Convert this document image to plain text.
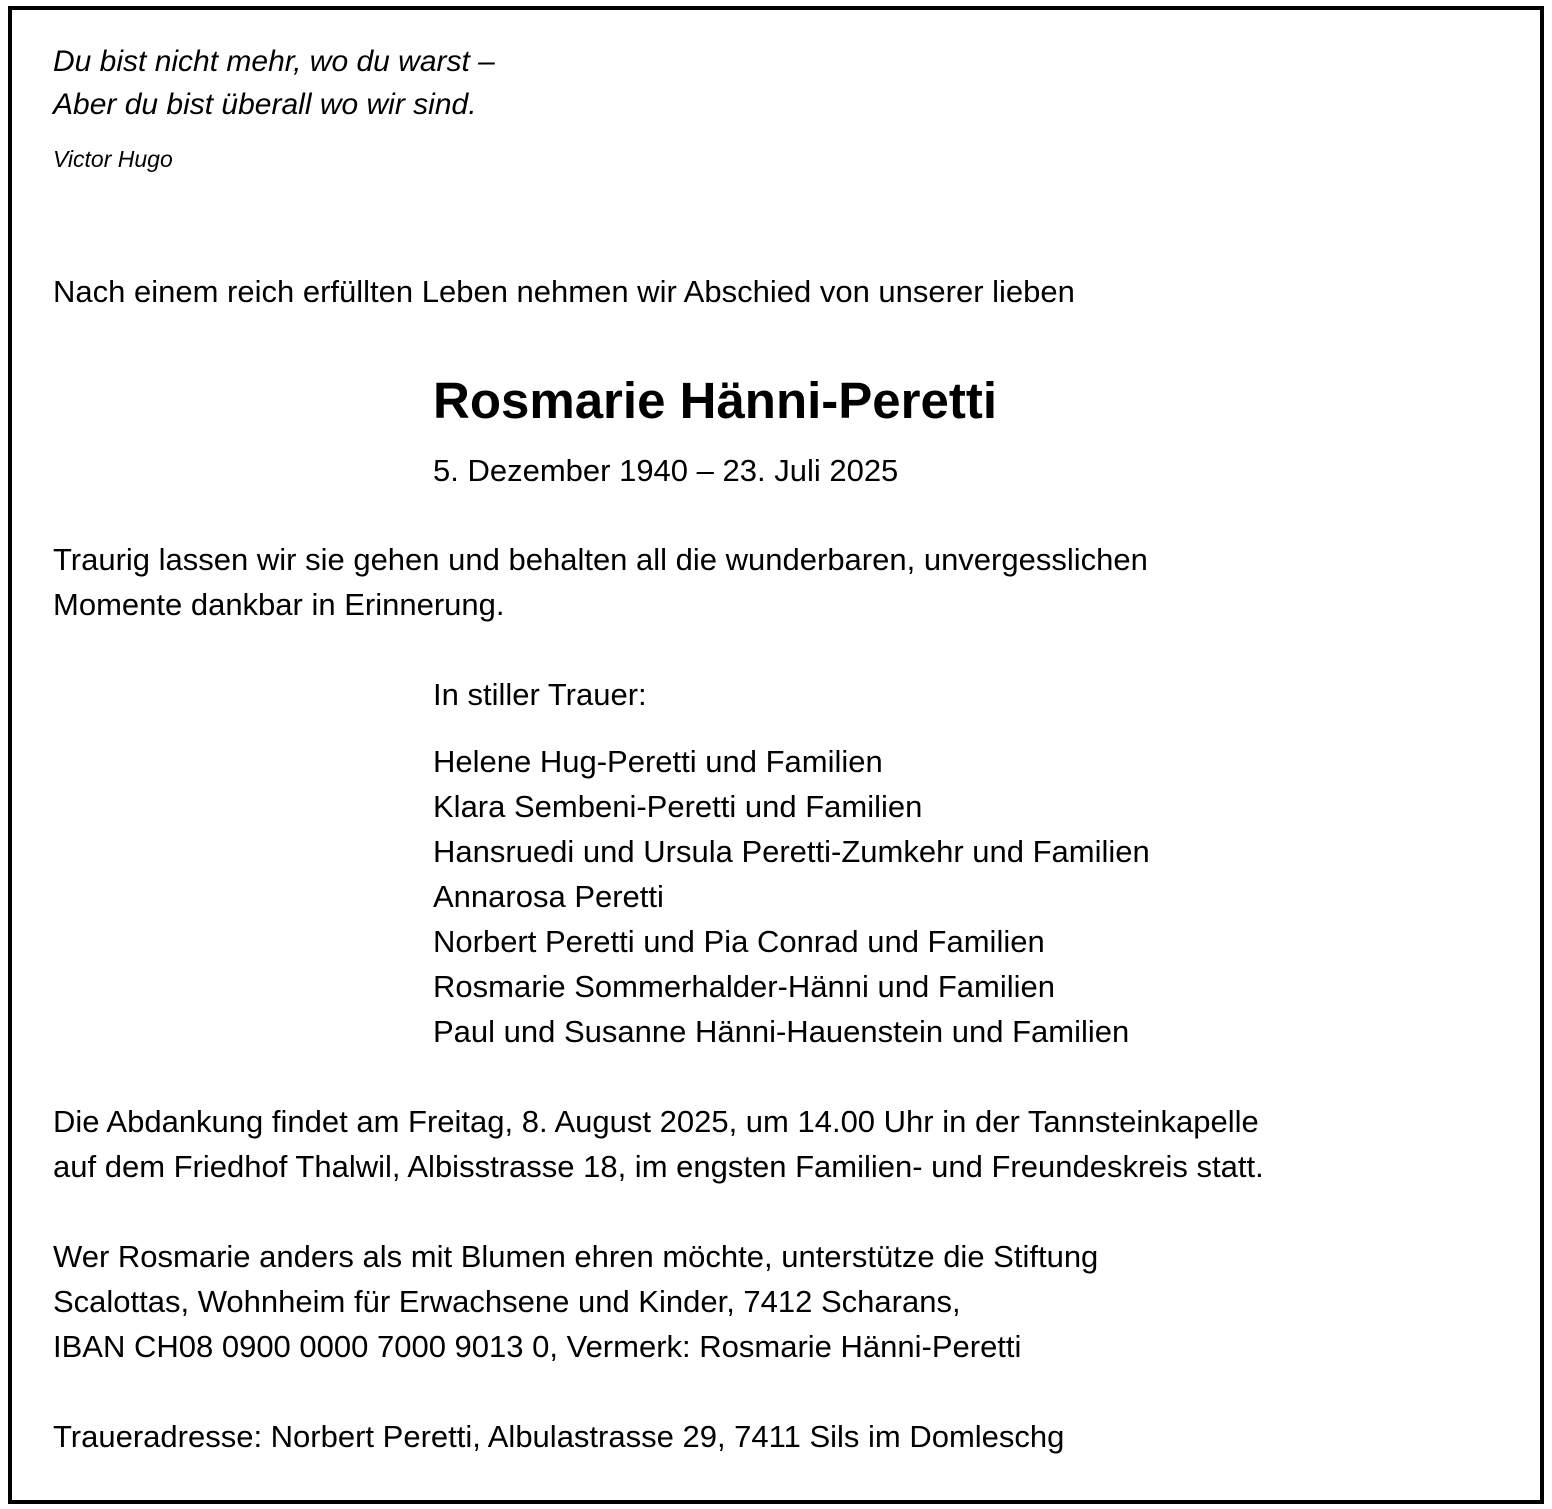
Du bist nicht mehr, wo du warst –
Aber du bist überall wo wir sind.
Victor Hugo
Nach einem reich erfüllten Leben nehmen wir Abschied von unserer lieben
Rosmarie Hänni-Peretti
5. Dezember 1940 – 23. Juli 2025
Traurig lassen wir sie gehen und behalten all die wunderbaren, unvergesslichen
Momente dankbar in Erinnerung.
In stiller Trauer:
Helene Hug-Peretti und Familien
Klara Sembeni-Peretti und Familien
Hansruedi und Ursula Peretti-Zumkehr und Familien
Annarosa Peretti
Norbert Peretti und Pia Conrad und Familien
Rosmarie Sommerhalder-Hänni und Familien
Paul und Susanne Hänni-Hauenstein und Familien
Die Abdankung findet am Freitag, 8. August 2025, um 14.00 Uhr in der Tannsteinkapelle
auf dem Friedhof Thalwil, Albisstrasse 18, im engsten Familien- und Freundeskreis statt.
Wer Rosmarie anders als mit Blumen ehren möchte, unterstütze die Stiftung
Scalottas, Wohnheim für Erwachsene und Kinder, 7412 Scharans,
IBAN CH08 0900 0000 7000 9013 0, Vermerk: Rosmarie Hänni-Peretti
Traueradresse: Norbert Peretti, Albulastrasse 29, 7411 Sils im Domleschg
